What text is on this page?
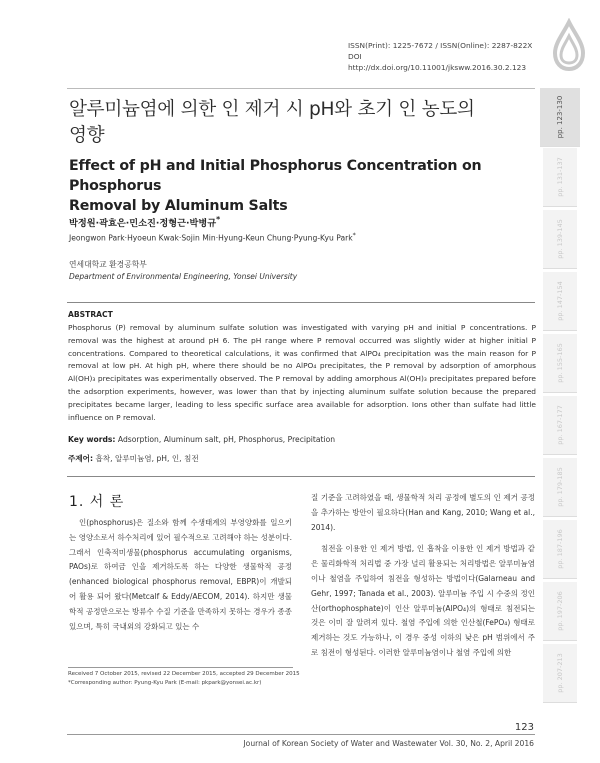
ISSN(Print): 1225-7672 / ISSN(Online): 2287-822X
DOI http://dx.doi.org/10.11001/jksww.2016.30.2.123
알루미늄염에 의한 인 제거 시 pH와 초기 인 농도의
영향
Effect of pH and Initial Phosphorus Concentration on Phosphorus
Removal by Aluminum Salts
박정원·곽효은·민소진·정형근·박병규*
Jeongwon Park·Hyoeun Kwak·Sojin Min·Hyung-Keun Chung·Pyung-Kyu Park*
연세대학교 환경공학부
Department of Environmental Engineering, Yonsei University
ABSTRACT
Phosphorus (P) removal by aluminum sulfate solution was investigated with varying pH and initial P concentrations. P removal was the highest at around pH 6. The pH range where P removal occurred was slightly wider at higher initial P concentrations. Compared to theoretical calculations, it was confirmed that AlPO₄ precipitation was the main reason for P removal at low pH. At high pH, where there should be no AlPO₄ precipitates, the P removal by adsorption of amorphous Al(OH)₃ precipitates was experimentally observed. The P removal by adding amorphous Al(OH)₃ precipitates prepared before the adsorption experiments, however, was lower than that by injecting aluminum sulfate solution because the prepared precipitates became larger, leading to less specific surface area available for adsorption. Ions other than sulfate had little influence on P removal.
Key words: Adsorption, Aluminum salt, pH, Phosphorus, Precipitation
주제어: 흡착, 알루미늄염, pH, 인, 침전
1. 서 론

인(phosphorus)은 질소와 함께 수생태계의 부영양화를 일으키는 영양소로서 하수처리에 있어 필수적으로 고려해야 하는 성분이다. 그래서 인축적미생물(phosphorus accumulating organisms, PAOs)로 하여금 인을 제거하도록 하는 다양한 생물학적 공정(enhanced biological phosphorus removal, EBPR)이 개발되어 활용 되어 왔다(Metcalf & Eddy/AECOM, 2014). 하지만 생물학적 공정만으로는 방류수 수질 기준을 만족하지 못하는 경우가 종종 있으며, 특히 국내외의 강화되고 있는 수

질 기준을 고려하였을 때, 생물학적 처리 공정에 별도의 인 제거 공정을 추가하는 방안이 필요하다(Han and Kang, 2010; Wang et al., 2014).

침전을 이용한 인 제거 방법, 인 흡착을 이용한 인 제거 방법과 같은 물리화학적 처리법 중 가장 널리 활용되는 처리방법은 알루미늄염이나 철염을 주입하여 침전을 형성하는 방법이다(Galarneau and Gehr, 1997; Tanada et al., 2003). 알루미늄 주입 시 수중의 정인산(orthophosphate)이 인산 알루미늄(AlPO₄)의 형태로 침전되는 것은 이미 잘 알려져 있다. 철염 주입에 의한 인산철(FePO₄) 형태로 제거하는 것도 가능하나, 이 경우 중성 이하의 낮은 pH 범위에서 주로 침전이 형성된다. 이러한 알루미늄염이나 철염 주입에 의한

Received 7 October 2015, revised 22 December 2015, accepted 29 December 2015
*Corresponding author: Pyung-Kyu Park (E-mail: pkpark@yonsei.ac.kr)
123
Journal of Korean Society of Water and Wastewater Vol. 30, No. 2, April 2016
pp. 123-130
pp. 131-137
pp. 139-145
pp. 147-154
pp. 155-165
pp. 167-177
pp. 179-185
pp. 187-196
pp. 197-206
pp. 207-213
